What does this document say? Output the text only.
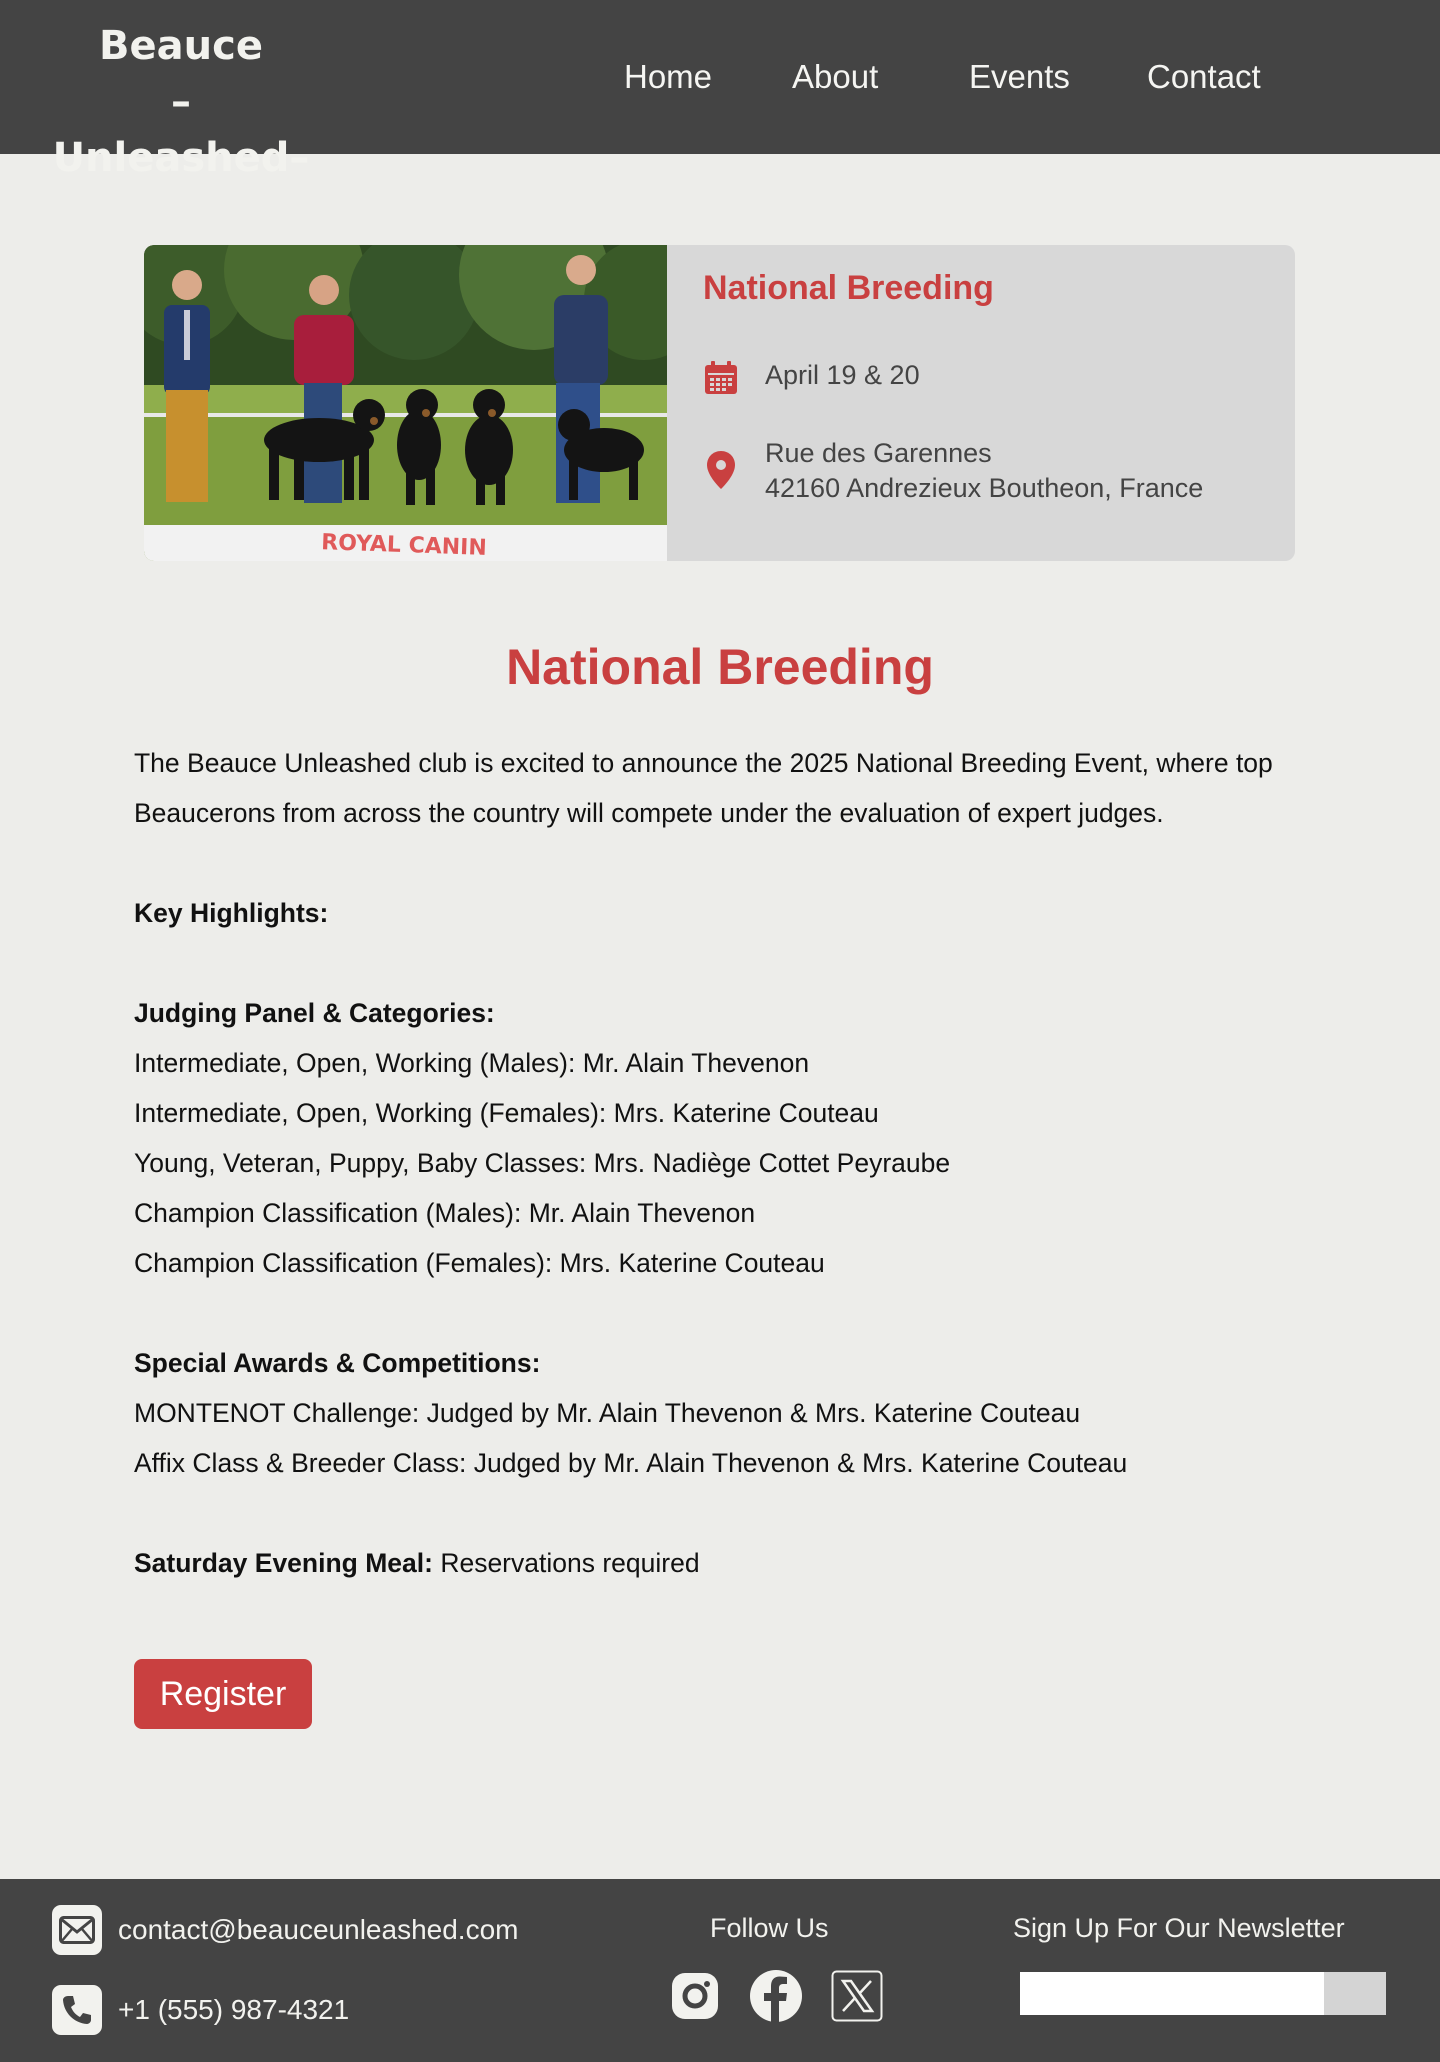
Beauce
–Unleashed–
Home About	Events Contact
ROYAL CANIN
National Breeding
April 19 & 20
Rue des Garennes
42160 Andrezieux Boutheon, France
National Breeding

The Beauce Unleashed club is excited to announce the 2025 National Breeding Event, where top

Beaucerons from across the country will compete under the evaluation of expert judges.

Key Highlights:

Judging Panel & Categories:

Intermediate, Open, Working (Males): Mr. Alain Thevenon

Intermediate, Open, Working (Females): Mrs. Katerine Couteau

Young, Veteran, Puppy, Baby Classes: Mrs. Nadiège Cottet Peyraube

Champion Classification (Males): Mr. Alain Thevenon

Champion Classification (Females): Mrs. Katerine Couteau

Special Awards & Competitions:

MONTENOT Challenge: Judged by Mr. Alain Thevenon & Mrs. Katerine Couteau

Affix Class & Breeder Class: Judged by Mr. Alain Thevenon & Mrs. Katerine Couteau

Saturday Evening Meal: Reservations required

Register
contact@beauceunleashed.com
+1 (555) 987-4321
Follow Us	Sign Up For Our Newsletter
